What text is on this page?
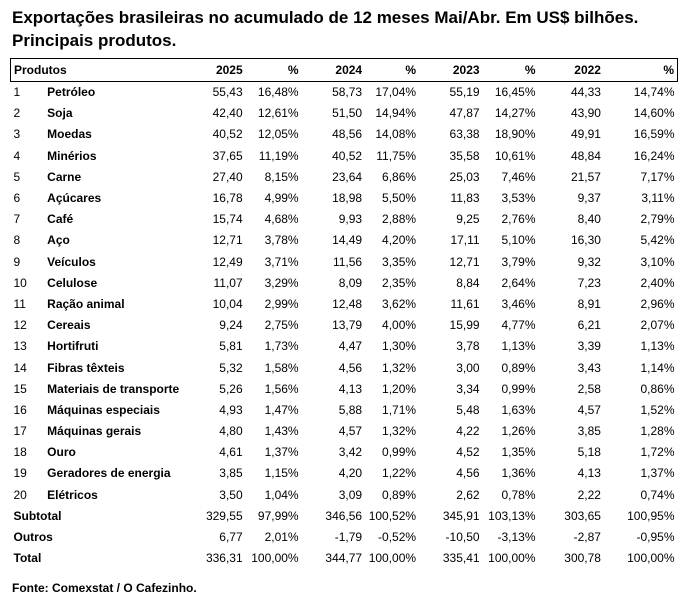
Exportações brasileiras no acumulado de 12 meses Mai/Abr. Em US$ bilhões.
Principais produtos.
Produtos		2025	%	2024	%	2023	%	2022	%
1	Petróleo	55,43	16,48%	58,73	17,04%	55,19	16,45%	44,33	14,74%
2	Soja	42,40	12,61%	51,50	14,94%	47,87	14,27%	43,90	14,60%
3	Moedas	40,52	12,05%	48,56	14,08%	63,38	18,90%	49,91	16,59%
4	Minérios	37,65	11,19%	40,52	11,75%	35,58	10,61%	48,84	16,24%
5	Carne	27,40	8,15%	23,64	6,86%	25,03	7,46%	21,57	7,17%
6	Açúcares	16,78	4,99%	18,98	5,50%	11,83	3,53%	9,37	3,11%
7	Café	15,74	4,68%	9,93	2,88%	9,25	2,76%	8,40	2,79%
8	Aço	12,71	3,78%	14,49	4,20%	17,11	5,10%	16,30	5,42%
9	Veículos	12,49	3,71%	11,56	3,35%	12,71	3,79%	9,32	3,10%
10	Celulose	11,07	3,29%	8,09	2,35%	8,84	2,64%	7,23	2,40%
11	Ração animal	10,04	2,99%	12,48	3,62%	11,61	3,46%	8,91	2,96%
12	Cereais	9,24	2,75%	13,79	4,00%	15,99	4,77%	6,21	2,07%
13	Hortifruti	5,81	1,73%	4,47	1,30%	3,78	1,13%	3,39	1,13%
14	Fibras têxteis	5,32	1,58%	4,56	1,32%	3,00	0,89%	3,43	1,14%
15	Materiais de transporte	5,26	1,56%	4,13	1,20%	3,34	0,99%	2,58	0,86%
16	Máquinas especiais	4,93	1,47%	5,88	1,71%	5,48	1,63%	4,57	1,52%
17	Máquinas gerais	4,80	1,43%	4,57	1,32%	4,22	1,26%	3,85	1,28%
18	Ouro	4,61	1,37%	3,42	0,99%	4,52	1,35%	5,18	1,72%
19	Geradores de energia	3,85	1,15%	4,20	1,22%	4,56	1,36%	4,13	1,37%
20	Elétricos	3,50	1,04%	3,09	0,89%	2,62	0,78%	2,22	0,74%
Subtotal		329,55	97,99%	346,56	100,52%	345,91	103,13%	303,65	100,95%
Outros		6,77	2,01%	-1,79	-0,52%	-10,50	-3,13%	-2,87	-0,95%
Total		336,31	100,00%	344,77	100,00%	335,41	100,00%	300,78	100,00%
Fonte: Comexstat / O Cafezinho.
